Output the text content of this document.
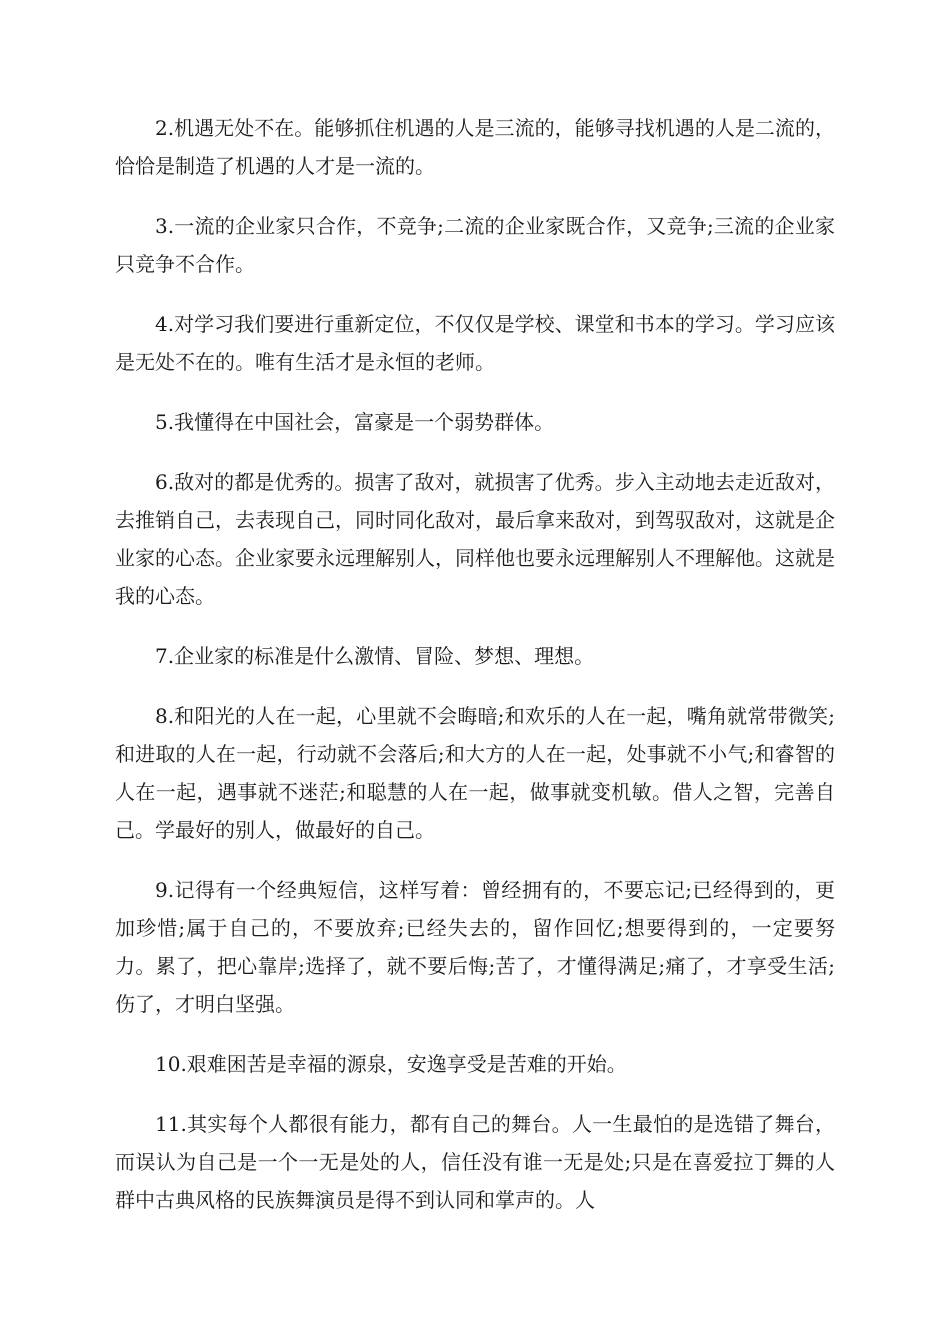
2.机遇无处不在。能够抓住机遇的人是三流的，能够寻找机遇的人是二流的，恰恰是制造了机遇的人才是一流的。

3.一流的企业家只合作，不竞争;二流的企业家既合作，又竞争;三流的企业家只竞争不合作。

4.对学习我们要进行重新定位，不仅仅是学校、课堂和书本的学习。学习应该是无处不在的。唯有生活才是永恒的老师。

5.我懂得在中国社会，富豪是一个弱势群体。

6.敌对的都是优秀的。损害了敌对，就损害了优秀。步入主动地去走近敌对，去推销自己，去表现自己，同时同化敌对，最后拿来敌对，到驾驭敌对，这就是企业家的心态。企业家要永远理解别人，同样他也要永远理解别人不理解他。这就是我的心态。

7.企业家的标准是什么激情、冒险、梦想、理想。

8.和阳光的人在一起，心里就不会晦暗;和欢乐的人在一起，嘴角就常带微笑;和进取的人在一起，行动就不会落后;和大方的人在一起，处事就不小气;和睿智的人在一起，遇事就不迷茫;和聪慧的人在一起，做事就变机敏。借人之智，完善自己。学最好的别人，做最好的自己。

9.记得有一个经典短信，这样写着：曾经拥有的，不要忘记;已经得到的，更加珍惜;属于自己的，不要放弃;已经失去的，留作回忆;想要得到的，一定要努力。累了，把心靠岸;选择了，就不要后悔;苦了，才懂得满足;痛了，才享受生活;伤了，才明白坚强。

10.艰难困苦是幸福的源泉，安逸享受是苦难的开始。

11.其实每个人都很有能力，都有自己的舞台。人一生最怕的是选错了舞台，而误认为自己是一个一无是处的人，信任没有谁一无是处;只是在喜爱拉丁舞的人群中古典风格的民族舞演员是得不到认同和掌声的。人
